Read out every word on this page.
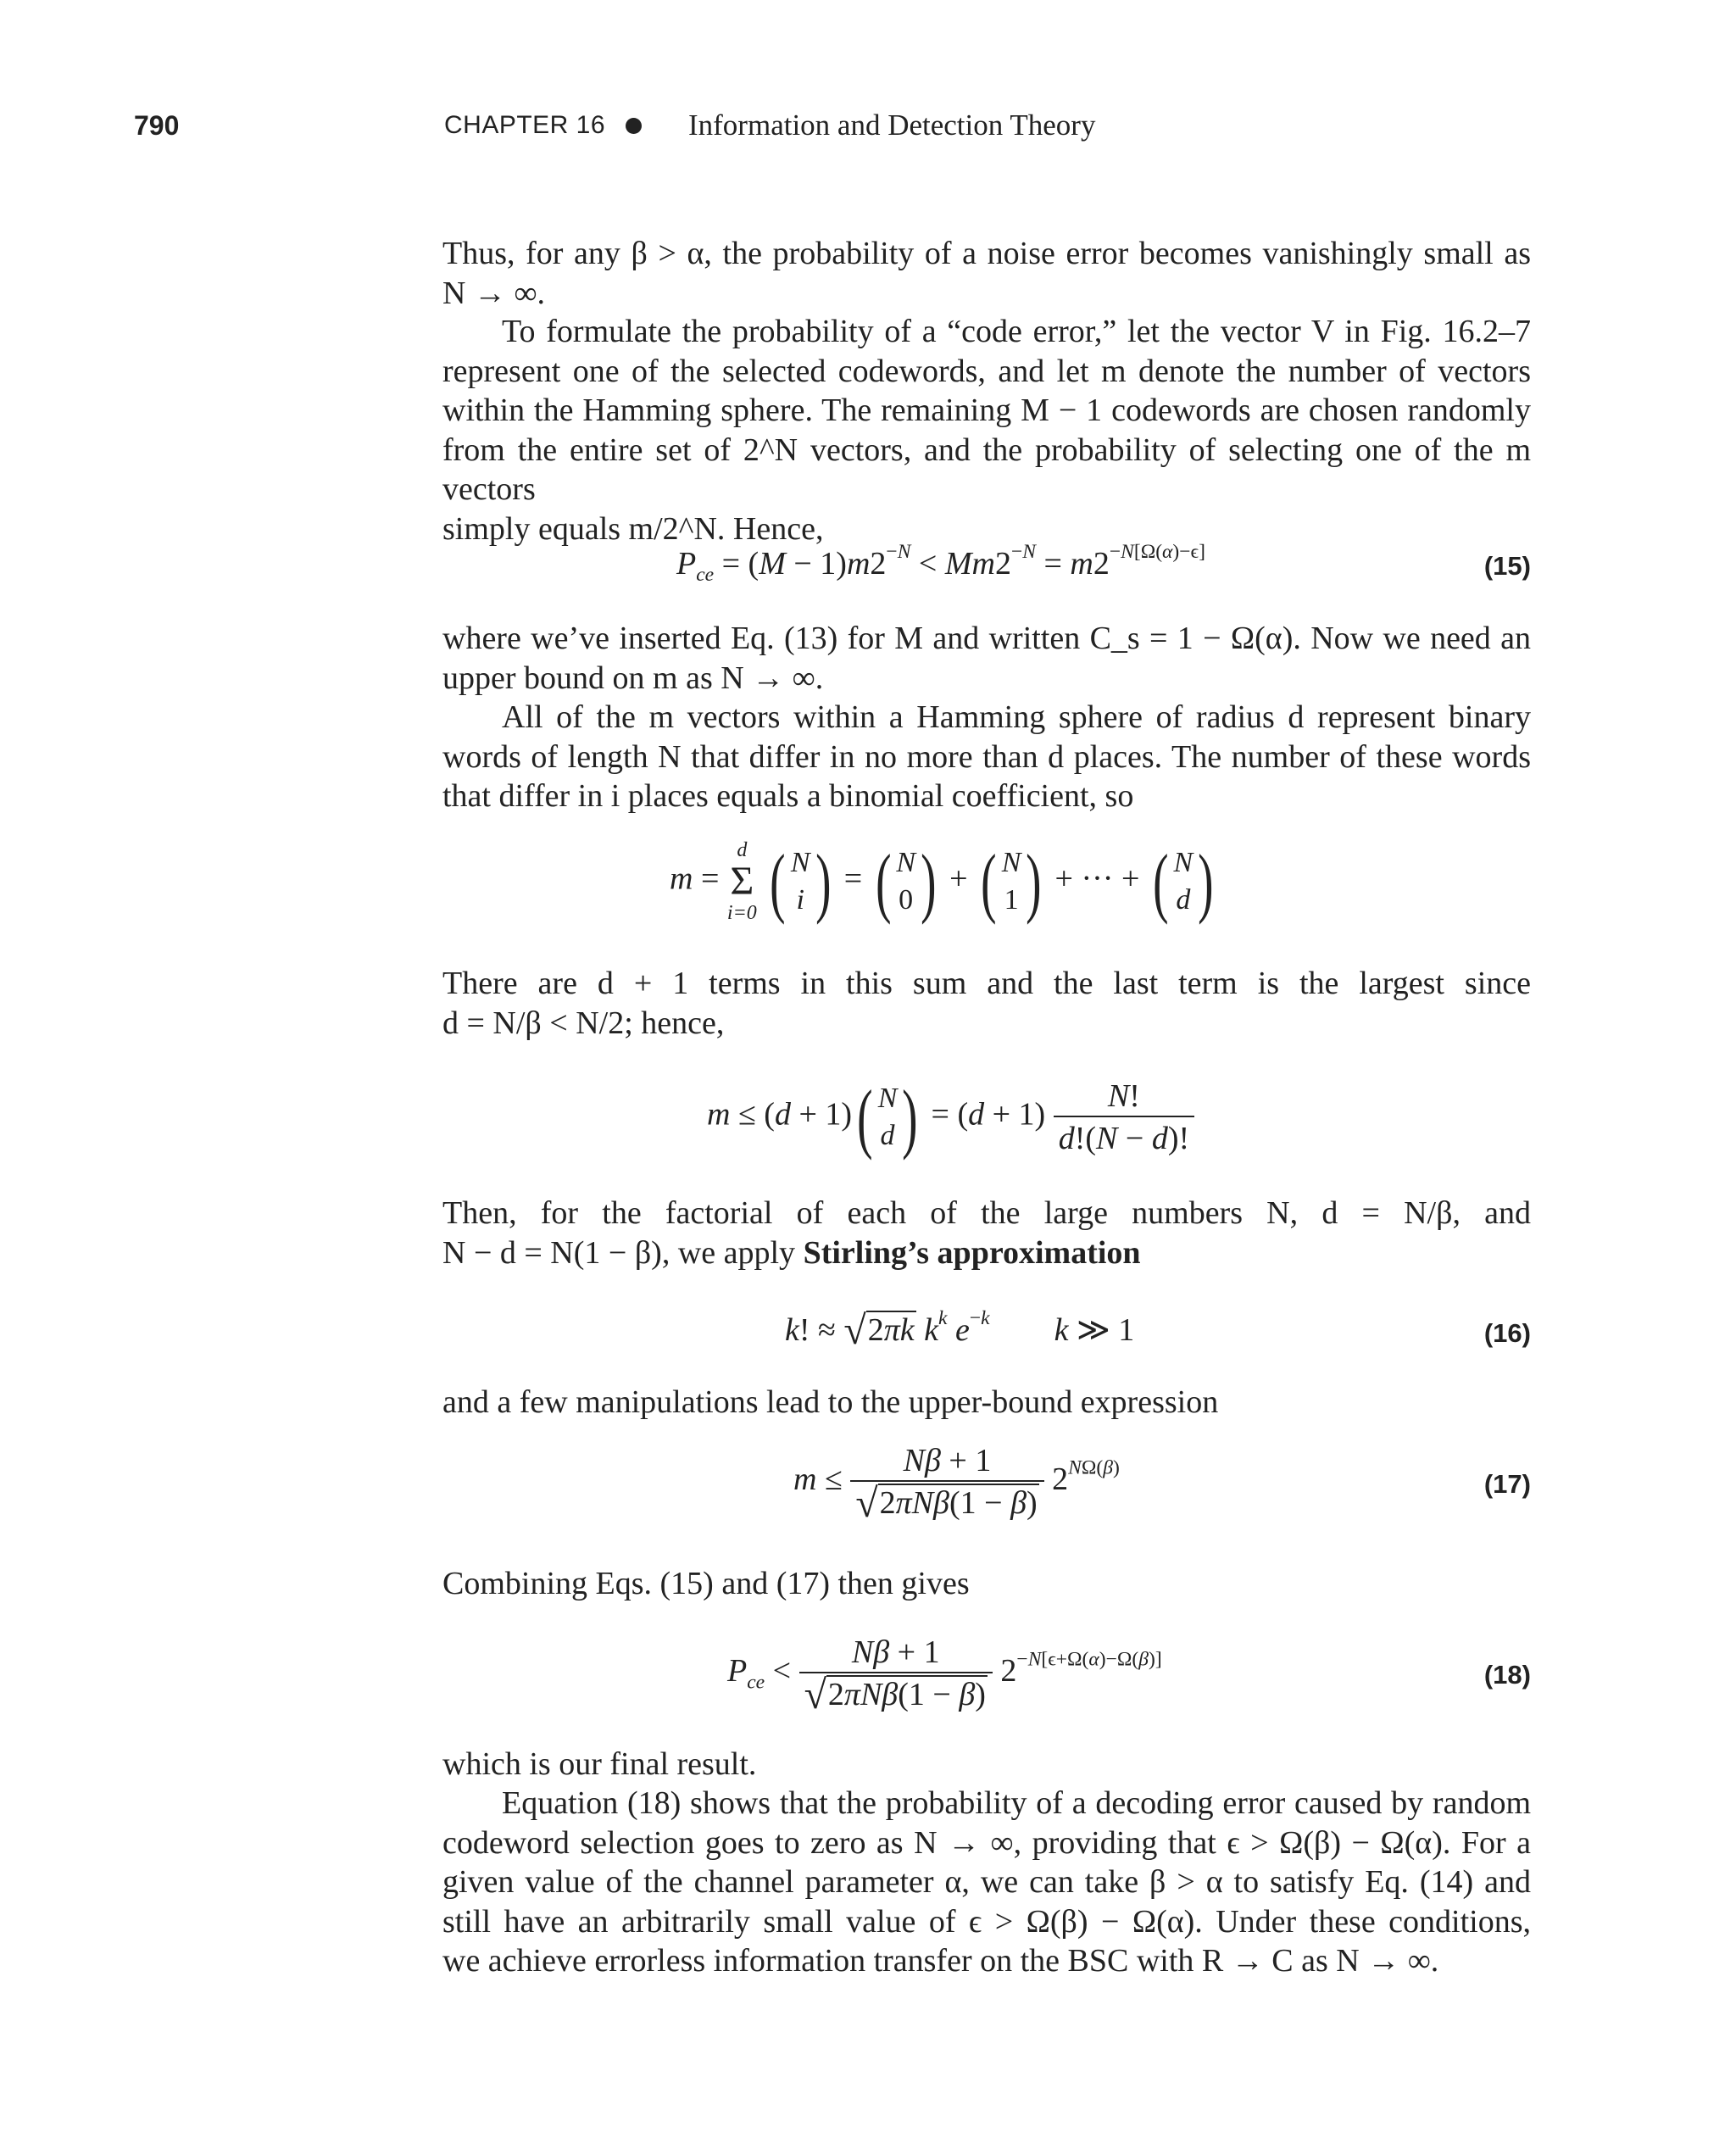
790	CHAPTER 16	Information and Detection Theory
Thus, for any β > α, the probability of a noise error becomes vanishingly small as
N → ∞.
To formulate the probability of a “code error,” let the vector V in Fig. 16.2–7
represent one of the selected codewords, and let m denote the number of vectors
within the Hamming sphere. The remaining M − 1 codewords are chosen randomly
from the entire set of 2^N vectors, and the probability of selecting one of the m vectors
simply equals m/2^N. Hence,
$P_{ce} = (M - 1)m2^{-N} < Mm2^{-N} = m2^{-N[\Omega(\alpha)-\epsilon]}$	(15)
where we’ve inserted Eq. (13) for M and written C_s = 1 − Ω(α). Now we need an
upper bound on m as N → ∞.
All of the m vectors within a Hamming sphere of radius d represent binary
words of length N that differ in no more than d places. The number of these words
that differ in i places equals a binomial coefficient, so
m =
d
Σ
i=0 ( N
i ) = ( N
0) + ( N
1) + ··· + ( N
d)
There are d + 1 terms in this sum and the last term is the largest since
d = N/β < N/2; hence,
m ≤ (d + 1)( N
$d) = (d + 1) \frac{N!}{d!(N - d)!}$
Then, for the factorial of each of the large numbers N, d = N/β, and
N − d = N(1 − β), we apply Stirling’s approximation
k! ≈ √2πk $k^k$ $e^{-k}$ k ≫ 1	(16)
and a few manipulations lead to the upper-bound expression
$m \le \frac{N\beta + 1}{\text{√2πNβ(1 − β)}} 2^{N\Omega(\beta)}$
(17)
Combining Eqs. (15) and (17) then gives
$P_{ce} < \frac{N\beta + 1}{\text{√2πNβ(1 − β)}} 2^{-N[\epsilon+\Omega(\alpha)-\Omega(\beta)]}$
(18)
which is our final result.
Equation (18) shows that the probability of a decoding error caused by random
codeword selection goes to zero as N → ∞, providing that ϵ > Ω(β) − Ω(α). For a
given value of the channel parameter α, we can take β > α to satisfy Eq. (14) and
still have an arbitrarily small value of ϵ > Ω(β) − Ω(α). Under these conditions,
we achieve errorless information transfer on the BSC with R → C as N → ∞.
